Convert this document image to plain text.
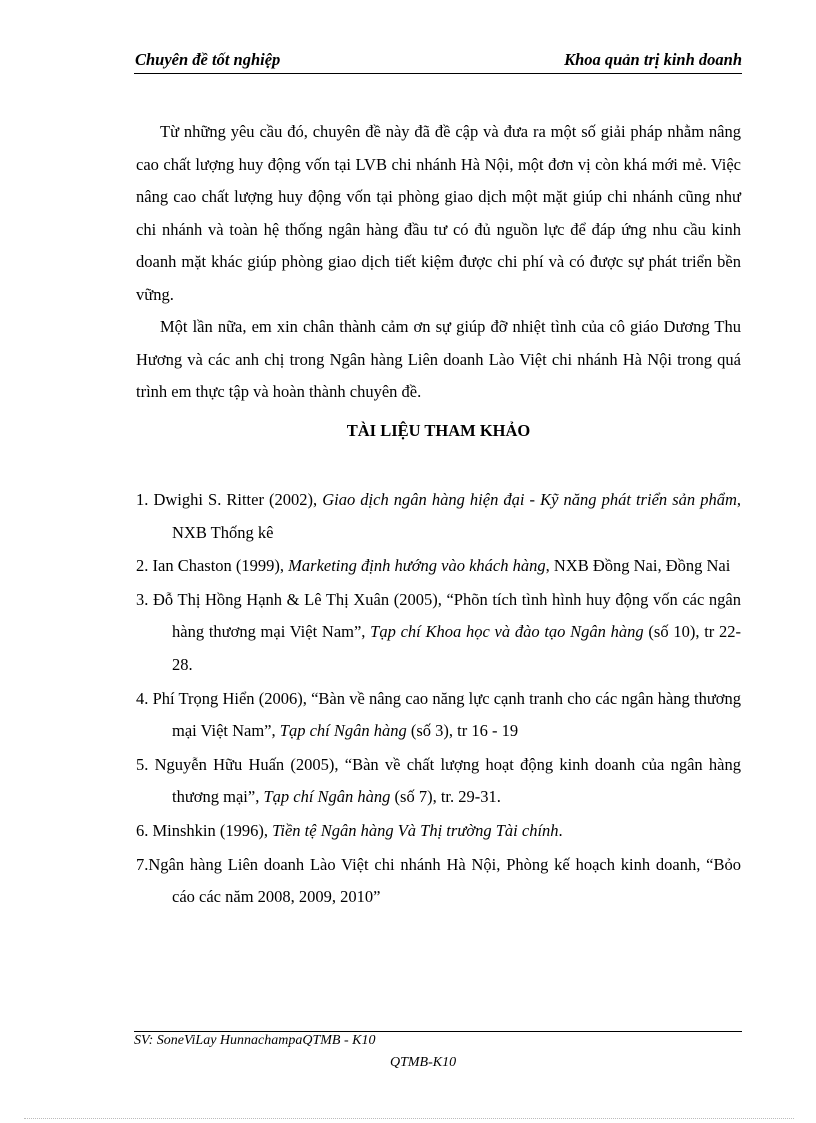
Chuyên đề tốt nghiệp	Khoa quản trị kinh doanh

Từ những yêu cầu đó, chuyên đề này đã đề cập và đưa ra một số giải pháp nhằm nâng cao chất lượng huy động vốn tại LVB chi nhánh Hà Nội, một đơn vị còn khá mới mẻ. Việc nâng cao chất lượng huy động vốn tại phòng giao dịch một mặt giúp chi nhánh cũng như chi nhánh và toàn hệ thống ngân hàng đầu tư có đủ nguồn lực để đáp ứng nhu cầu kinh doanh mặt khác giúp phòng giao dịch tiết kiệm được chi phí và có được sự phát triển bền vững.

Một lần nữa, em xin chân thành cảm ơn sự giúp đỡ nhiệt tình của cô giáo Dương Thu Hương và các anh chị trong Ngân hàng Liên doanh Lào Việt chi nhánh Hà Nội trong quá trình em thực tập và hoàn thành chuyên đề.

TÀI LIỆU THAM KHẢO

1. Dwighi S. Ritter (2002), Giao dịch ngân hàng hiện đại - Kỹ năng phát triển sản phẩm, NXB Thống kê

2. Ian Chaston (1999), Marketing định hướng vào khách hàng, NXB Đồng Nai, Đồng Nai

3. Đỗ Thị Hồng Hạnh & Lê Thị Xuân (2005), “Phõn tích tình hình huy động vốn các ngân hàng thương mại Việt Nam”, Tạp chí Khoa học và đào tạo Ngân hàng (số 10), tr 22-28.

4. Phí Trọng Hiển (2006), “Bàn về nâng cao năng lực cạnh tranh cho các ngân hàng thương mại Việt Nam”, Tạp chí Ngân hàng (số 3), tr 16 - 19

5. Nguyễn Hữu Huấn (2005), “Bàn về chất lượng hoạt động kinh doanh của ngân hàng thương mại”, Tạp chí Ngân hàng (số 7), tr. 29-31.

6. Minshkin (1996), Tiền tệ Ngân hàng Và Thị trường Tài chính.

7.Ngân hàng Liên doanh Lào Việt chi nhánh Hà Nội, Phòng kế hoạch kinh doanh, “Bỏo cáo các năm 2008, 2009, 2010”

SV: SoneViLay HunnachampaQTMB - K10
QTMB-K10
